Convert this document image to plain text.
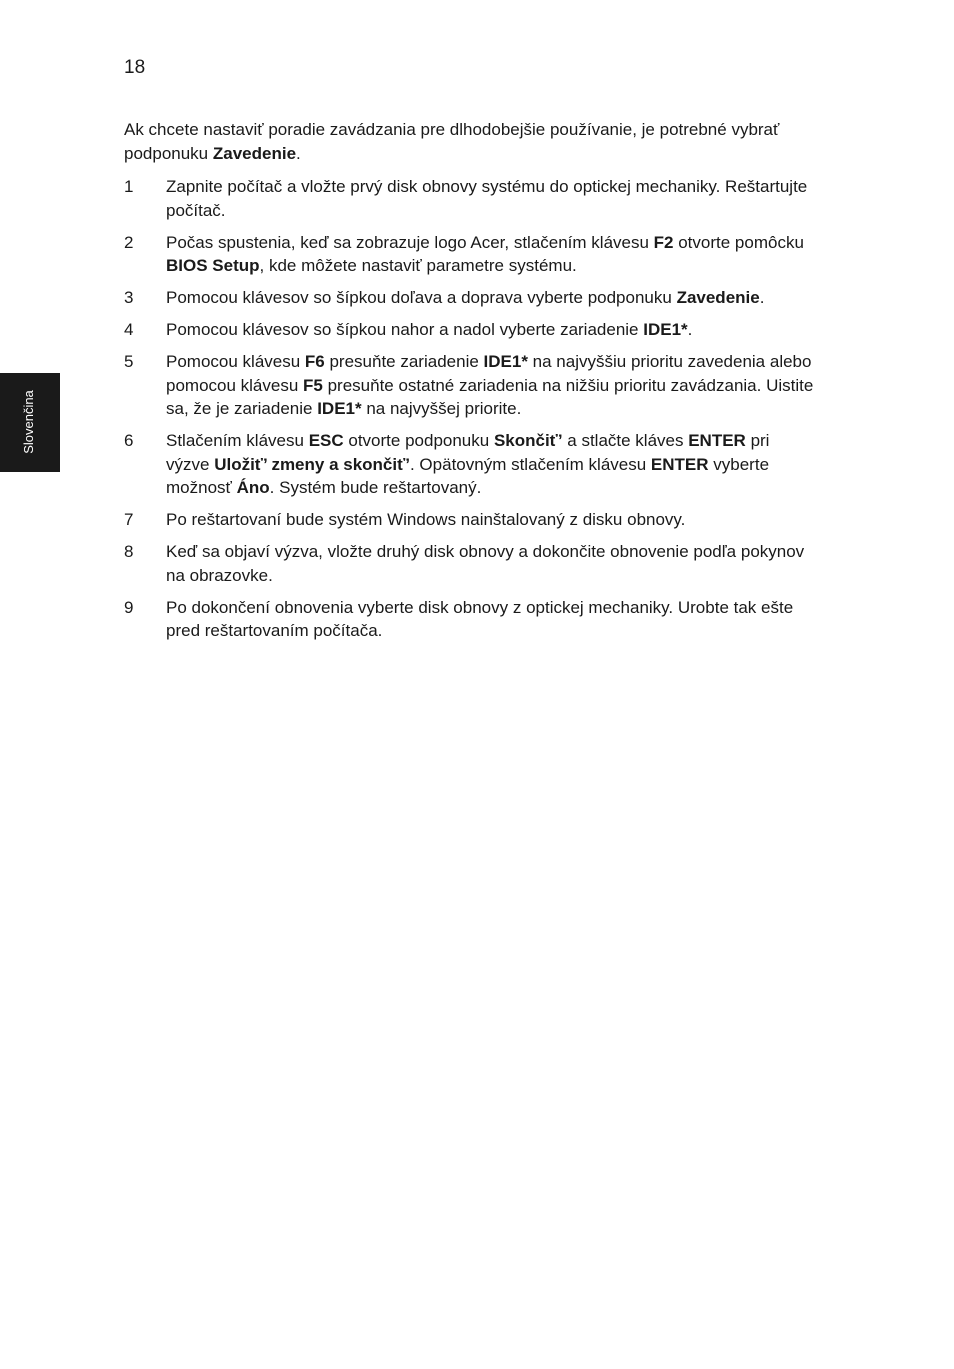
18
Slovenčina

Ak chcete nastaviť poradie zavádzania pre dlhodobejšie používanie, je potrebné vybrať podponuku Zavedenie.

1	Zapnite počítač a vložte prvý disk obnovy systému do optickej mechaniky. Reštartujte počítač.
2	Počas spustenia, keď sa zobrazuje logo Acer, stlačením klávesu F2 otvorte pomôcku BIOS Setup, kde môžete nastaviť parametre systému.
3	Pomocou klávesov so šípkou doľava a doprava vyberte podponuku Zavedenie.
4	Pomocou klávesov so šípkou nahor a nadol vyberte zariadenie IDE1*.
5	Pomocou klávesu F6 presuňte zariadenie IDE1* na najvyššiu prioritu zavedenia alebo pomocou klávesu F5 presuňte ostatné zariadenia na nižšiu prioritu zavádzania. Uistite sa, že je zariadenie IDE1* na najvyššej priorite.
6	Stlačením klávesu ESC otvorte podponuku Skončiť’ a stlačte kláves ENTER pri výzve Uložiť’ zmeny a skončiť’. Opätovným stlačením klávesu ENTER vyberte možnosť Áno. Systém bude reštartovaný.
7	Po reštartovaní bude systém Windows nainštalovaný z disku obnovy.
8	Keď sa objaví výzva, vložte druhý disk obnovy a dokončite obnovenie podľa pokynov na obrazovke.
9	Po dokončení obnovenia vyberte disk obnovy z optickej mechaniky. Urobte tak ešte pred reštartovaním počítača.
